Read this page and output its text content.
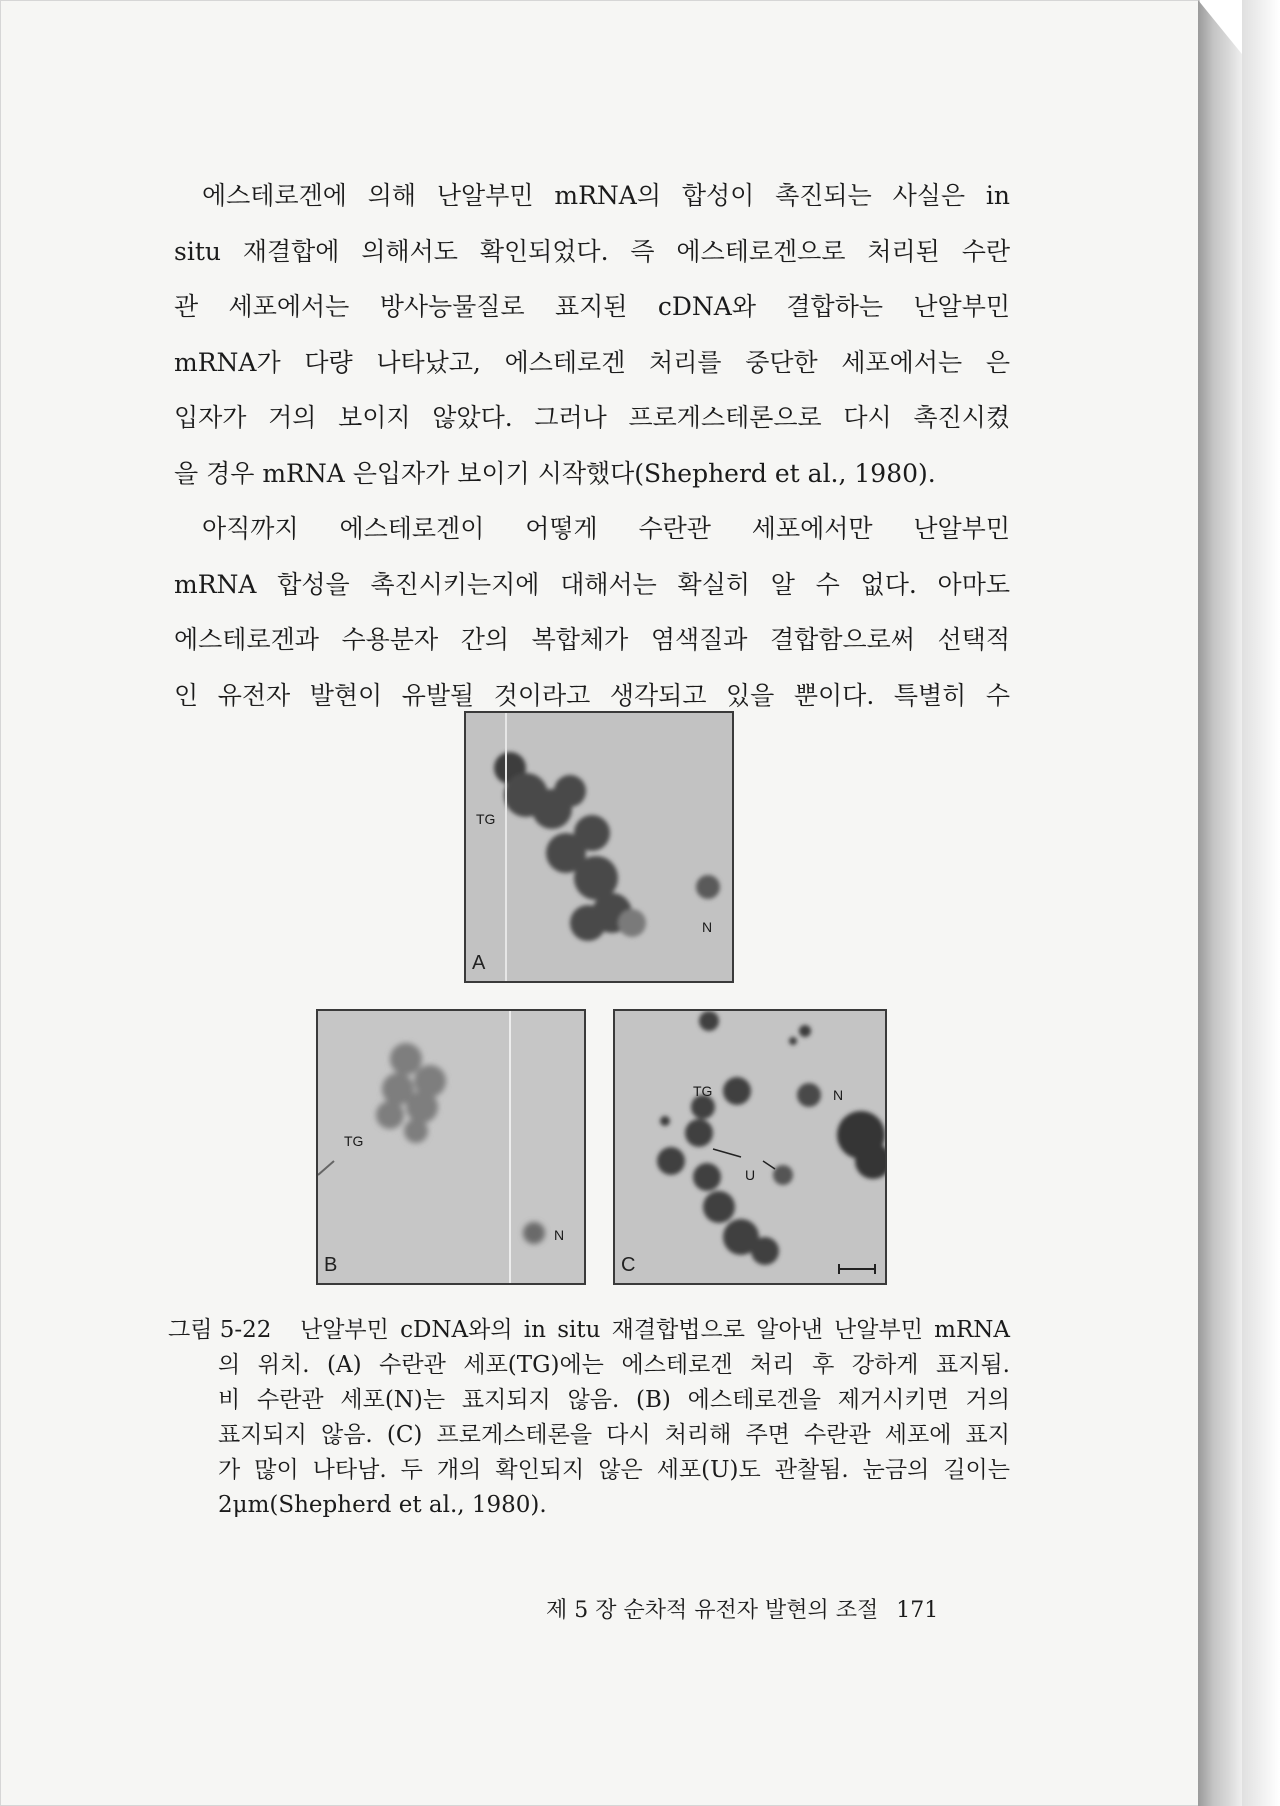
에스테로겐에 의해 난알부민 mRNA의 합성이 촉진되는 사실은 in
situ 재결합에 의해서도 확인되었다. 즉 에스테로겐으로 처리된 수란
관 세포에서는 방사능물질로 표지된 cDNA와 결합하는 난알부민
mRNA가 다량 나타났고, 에스테로겐 처리를 중단한 세포에서는 은
입자가 거의 보이지 않았다. 그러나 프로게스테론으로 다시 촉진시켰
을 경우 mRNA 은입자가 보이기 시작했다(Shepherd et al., 1980).
아직까지 에스테로겐이 어떻게 수란관 세포에서만 난알부민
mRNA 합성을 촉진시키는지에 대해서는 확실히 알 수 없다. 아마도
에스테로겐과 수용분자 간의 복합체가 염색질과 결합함으로써 선택적
인 유전자 발현이 유발될 것이라고 생각되고 있을 뿐이다. 특별히 수
TG
N
A
TG
N
B
TG	N
U
C
그림 5-22 난알부민 cDNA와의 in situ 재결합법으로 알아낸 난알부민 mRNA
의 위치. (A) 수란관 세포(TG)에는 에스테로겐 처리 후 강하게 표지됨.
비 수란관 세포(N)는 표지되지 않음. (B) 에스테로겐을 제거시키면 거의
표지되지 않음. (C) 프로게스테론을 다시 처리해 주면 수란관 세포에 표지
가 많이 나타남. 두 개의 확인되지 않은 세포(U)도 관찰됨. 눈금의 길이는
2μm(Shepherd et al., 1980).
제 5 장 순차적 유전자 발현의 조절 171
